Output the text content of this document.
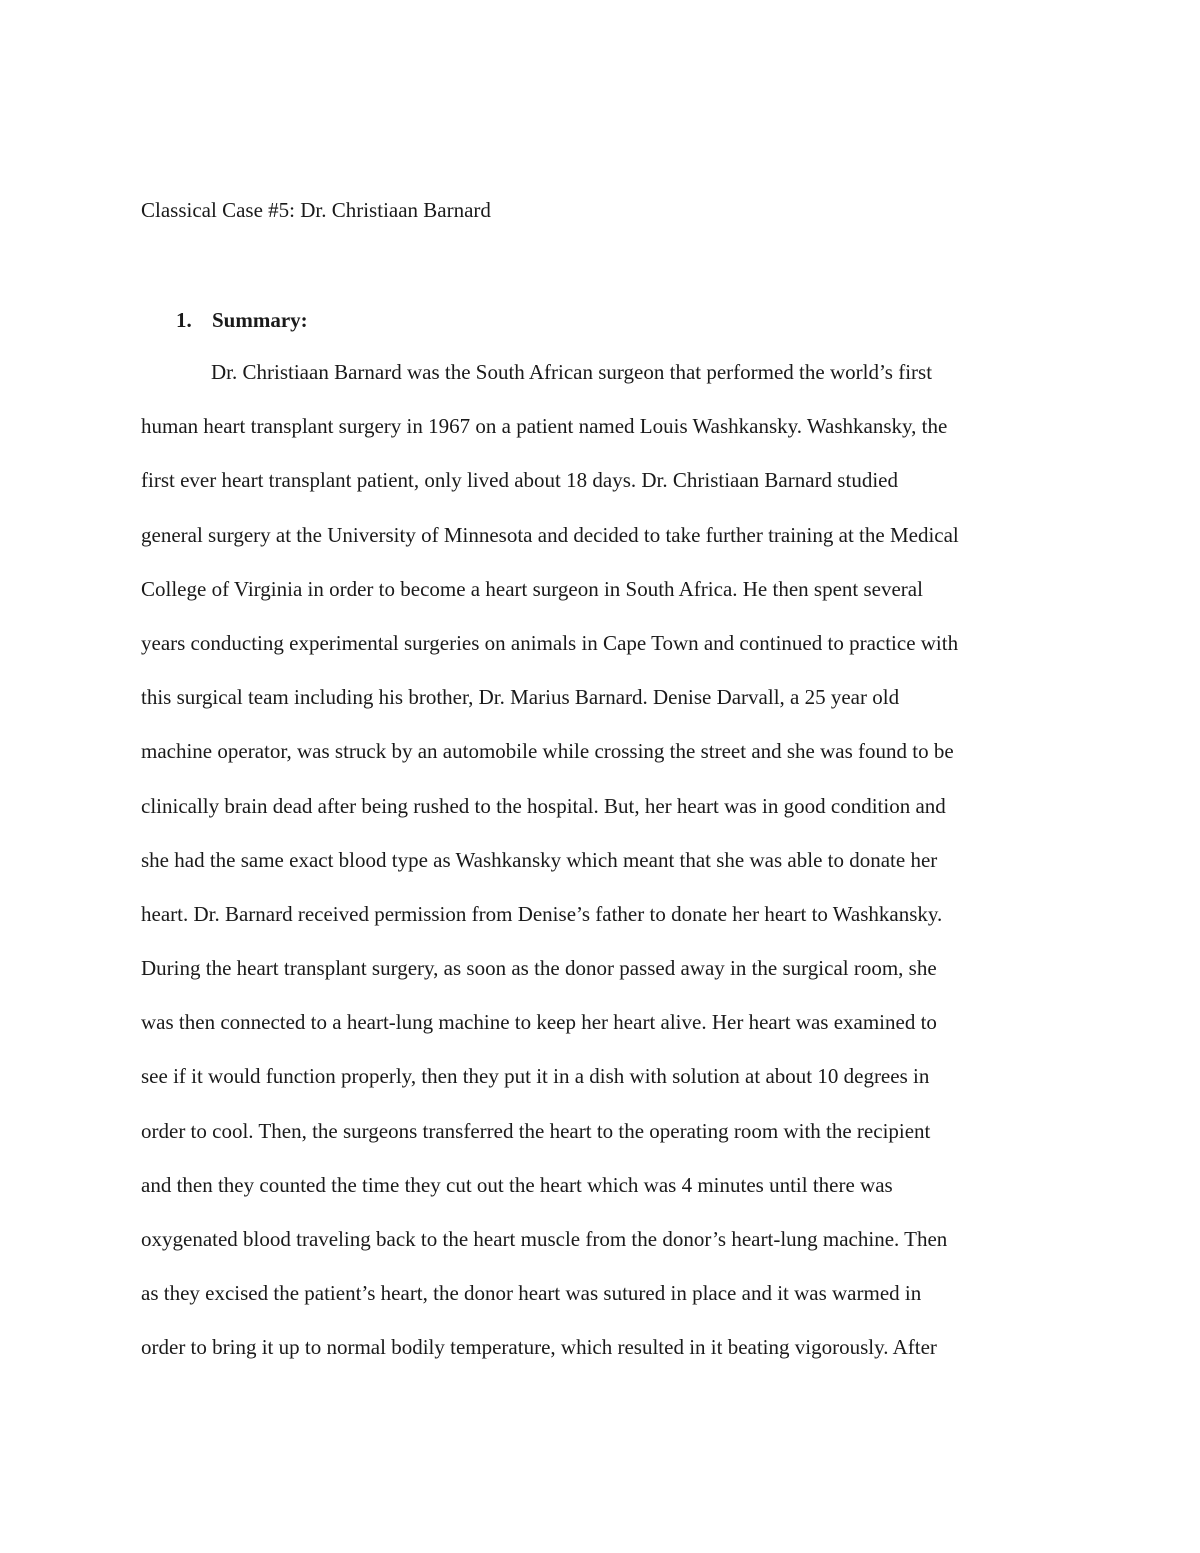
Classical Case #5: Dr. Christiaan Barnard
1. Summary:
Dr. Christiaan Barnard was the South African surgeon that performed the world’s first
human heart transplant surgery in 1967 on a patient named Louis Washkansky. Washkansky, the
first ever heart transplant patient, only lived about 18 days. Dr. Christiaan Barnard studied
general surgery at the University of Minnesota and decided to take further training at the Medical
College of Virginia in order to become a heart surgeon in South Africa. He then spent several
years conducting experimental surgeries on animals in Cape Town and continued to practice with
this surgical team including his brother, Dr. Marius Barnard. Denise Darvall, a 25 year old
machine operator, was struck by an automobile while crossing the street and she was found to be
clinically brain dead after being rushed to the hospital. But, her heart was in good condition and
she had the same exact blood type as Washkansky which meant that she was able to donate her
heart. Dr. Barnard received permission from Denise’s father to donate her heart to Washkansky.
During the heart transplant surgery, as soon as the donor passed away in the surgical room, she
was then connected to a heart-lung machine to keep her heart alive. Her heart was examined to
see if it would function properly, then they put it in a dish with solution at about 10 degrees in
order to cool. Then, the surgeons transferred the heart to the operating room with the recipient
and then they counted the time they cut out the heart which was 4 minutes until there was
oxygenated blood traveling back to the heart muscle from the donor’s heart-lung machine. Then
as they excised the patient’s heart, the donor heart was sutured in place and it was warmed in
order to bring it up to normal bodily temperature, which resulted in it beating vigorously. After
